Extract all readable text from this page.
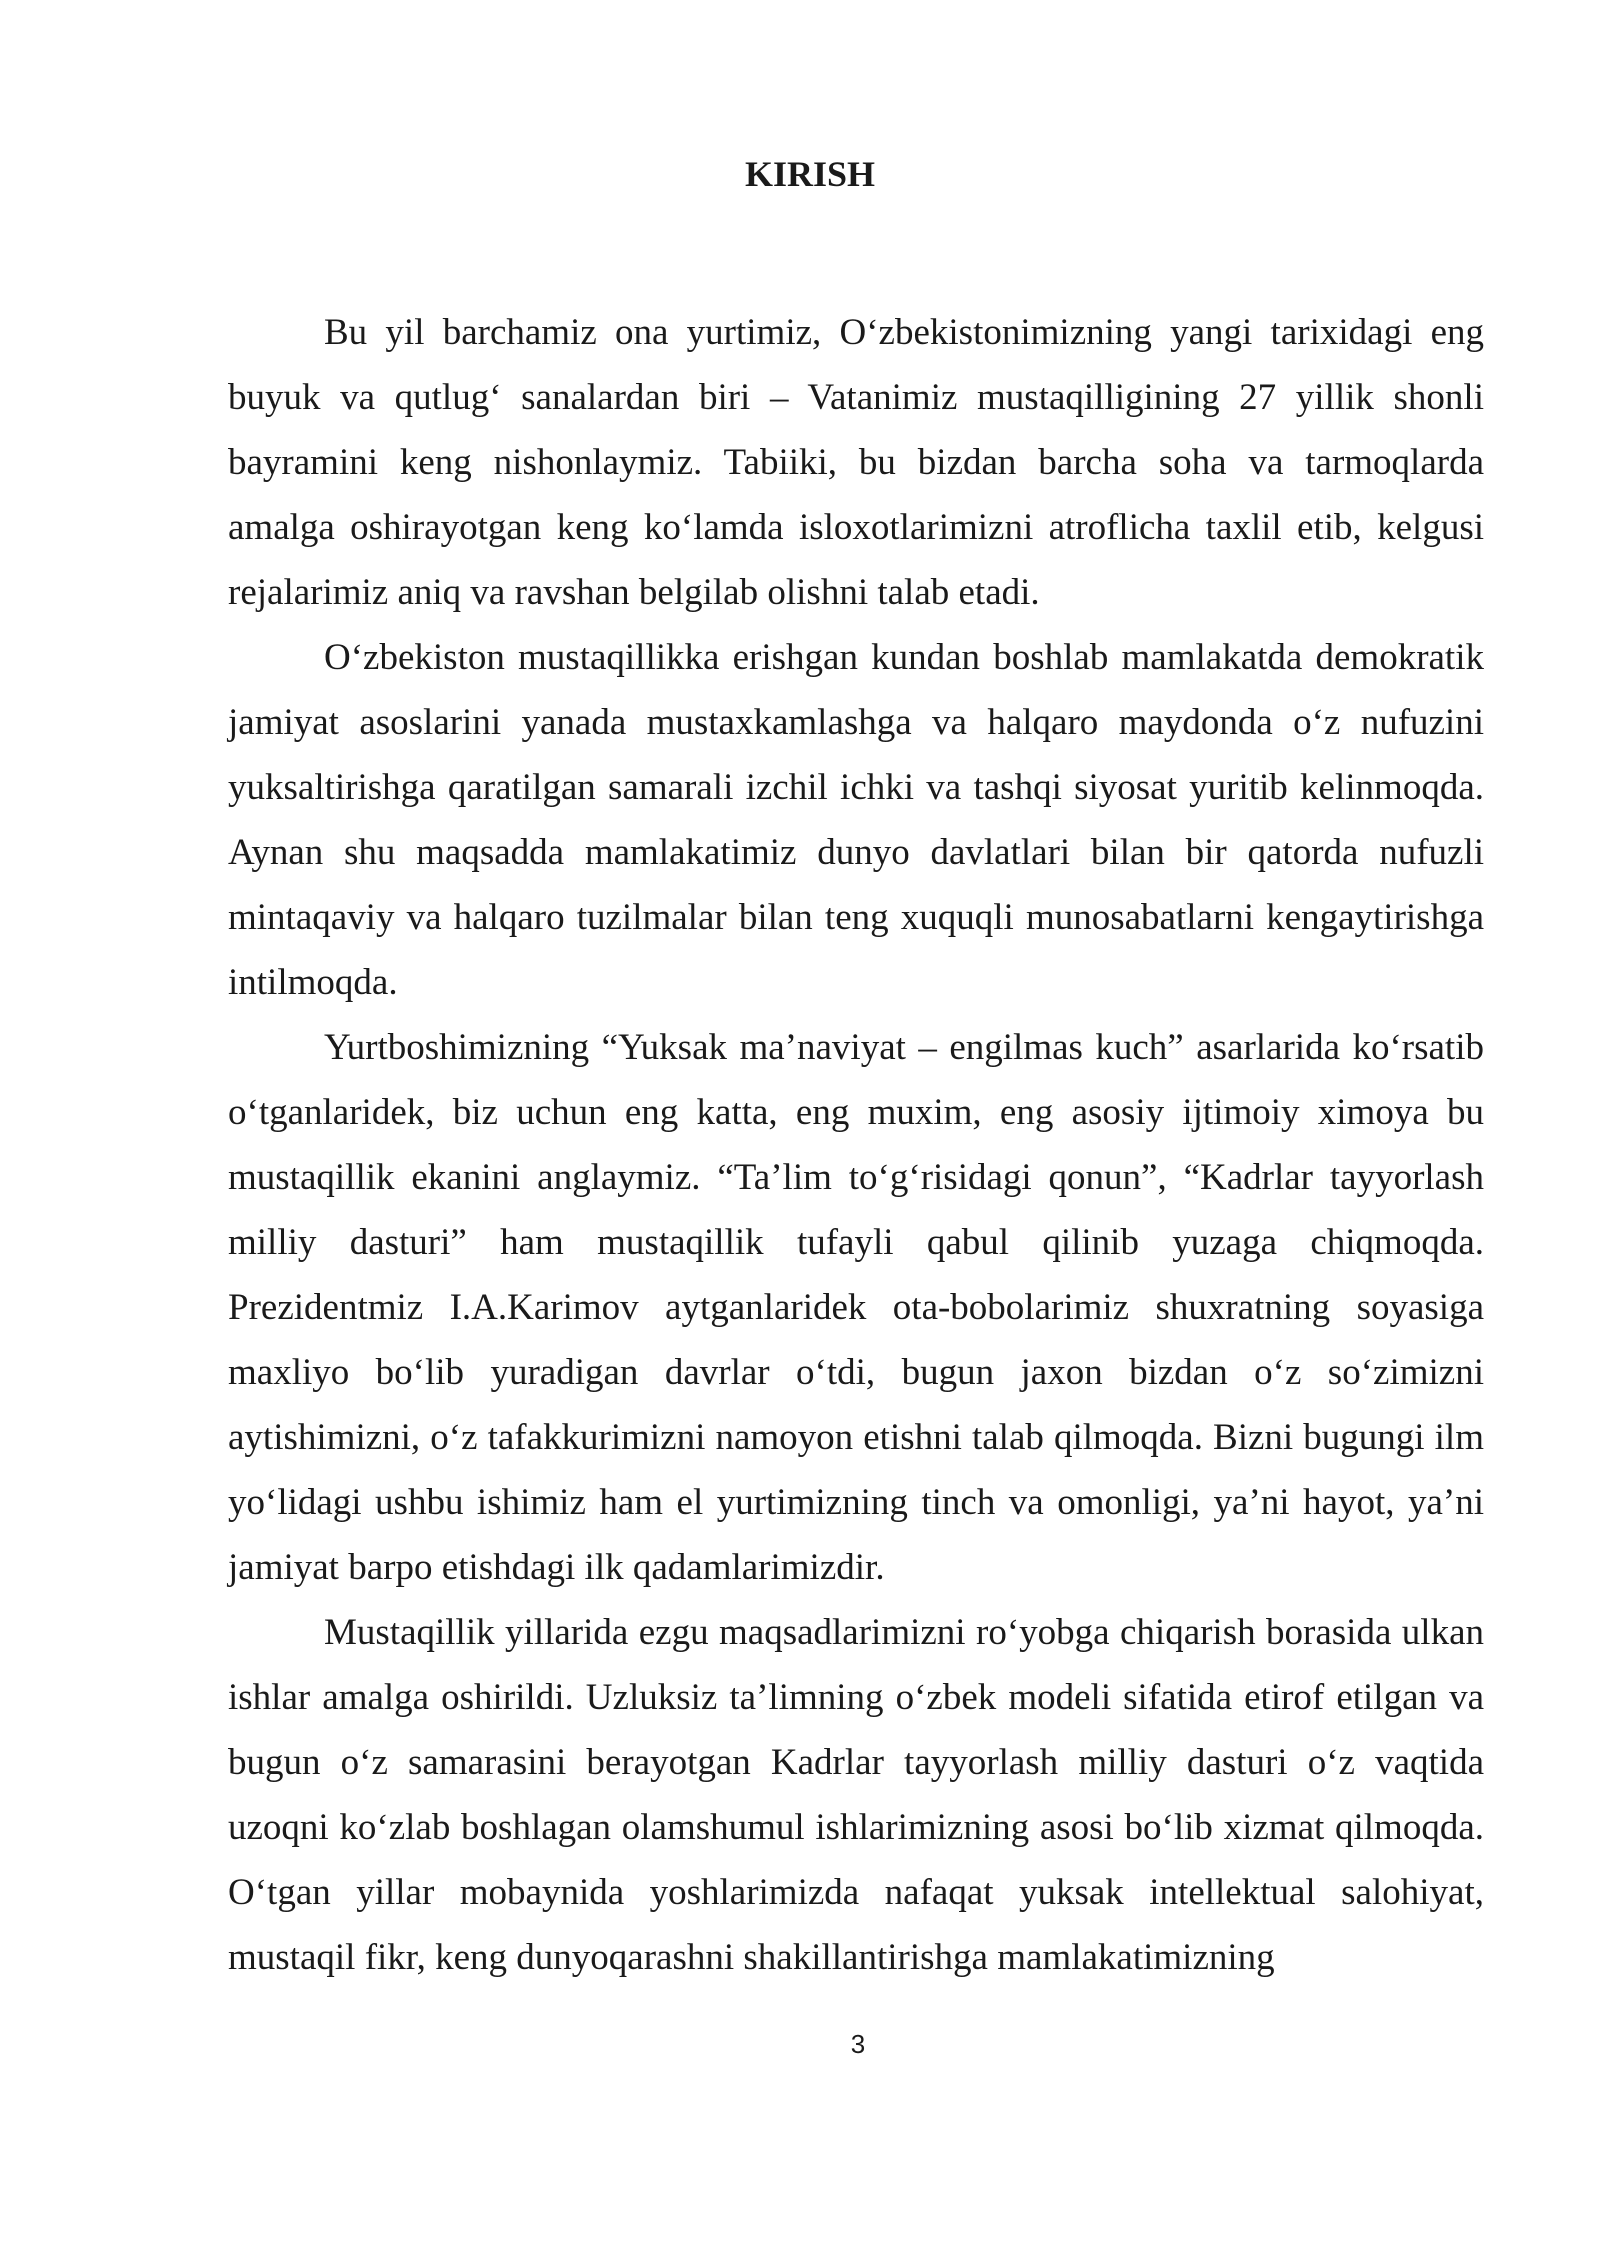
KIRISH

Bu yil barchamiz ona yurtimiz, O‘zbekistonimizning yangi tarixidagi eng buyuk va qutlug‘ sanalardan biri – Vatanimiz mustaqilligining 27 yillik shonli bayramini keng nishonlaymiz. Tabiiki, bu bizdan barcha soha va tarmoqlarda amalga oshirayotgan keng ko‘lamda isloxotlarimizni atroflicha taxlil etib, kelgusi rejalarimiz aniq va ravshan belgilab olishni talab etadi.

O‘zbekiston mustaqillikka erishgan kundan boshlab mamlakatda demokratik jamiyat asoslarini yanada mustaxkamlashga va halqaro maydonda o‘z nufuzini yuksaltirishga qaratilgan samarali izchil ichki va tashqi siyosat yuritib kelinmoqda. Aynan shu maqsadda mamlakatimiz dunyo davlatlari bilan bir qatorda nufuzli mintaqaviy va halqaro tuzilmalar bilan teng xuquqli munosabatlarni kengaytirishga intilmoqda.

Yurtboshimizning “Yuksak ma’naviyat – engilmas kuch” asarlarida ko‘rsatib o‘tganlaridek, biz uchun eng katta, eng muxim, eng asosiy ijtimoiy ximoya bu mustaqillik ekanini anglaymiz. “Ta’lim to‘g‘risidagi qonun”, “Kadrlar tayyorlash milliy dasturi” ham mustaqillik tufayli qabul qilinib yuzaga chiqmoqda. Prezidentmiz I.A.Karimov aytganlaridek ota-bobolarimiz shuxratning soyasiga maxliyo bo‘lib yuradigan davrlar o‘tdi, bugun jaxon bizdan o‘z so‘zimizni aytishimizni, o‘z tafakkurimizni namoyon etishni talab qilmoqda. Bizni bugungi ilm yo‘lidagi ushbu ishimiz ham el yurtimizning tinch va omonligi, ya’ni hayot, ya’ni jamiyat barpo etishdagi ilk qadamlarimizdir.

Mustaqillik yillarida ezgu maqsadlarimizni ro‘yobga chiqarish borasida ulkan ishlar amalga oshirildi. Uzluksiz ta’limning o‘zbek modeli sifatida etirof etilgan va bugun o‘z samarasini berayotgan Kadrlar tayyorlash milliy dasturi o‘z vaqtida uzoqni ko‘zlab boshlagan olamshumul ishlarimizning asosi bo‘lib xizmat qilmoqda. O‘tgan yillar mobaynida yoshlarimizda nafaqat yuksak intellektual salohiyat, mustaqil fikr, keng dunyoqarashni shakillantirishga mamlakatimizning

3
